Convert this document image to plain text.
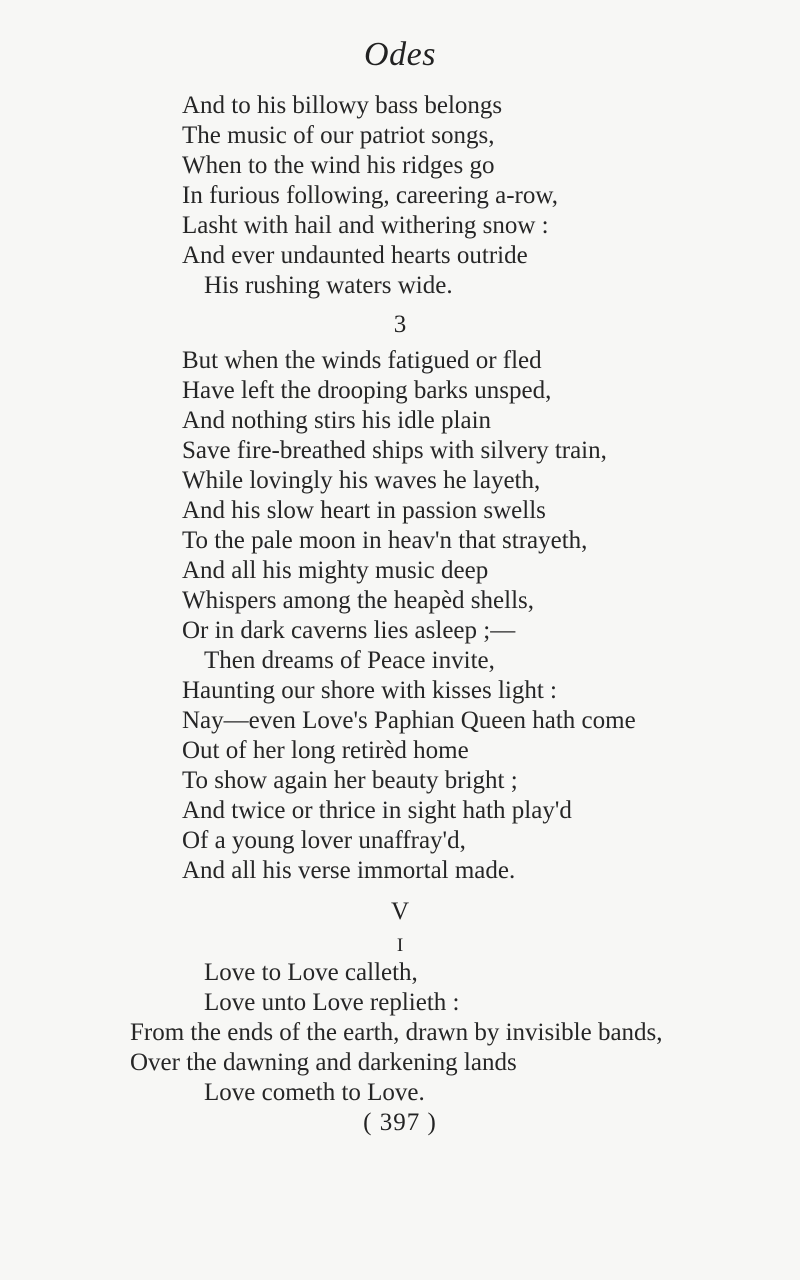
Odes
And to his billowy bass belongs
The music of our patriot songs,
When to the wind his ridges go
In furious following, careering a-row,
Lasht with hail and withering snow :
And ever undaunted hearts outride
His rushing waters wide.
3
But when the winds fatigued or fled
Have left the drooping barks unsped,
And nothing stirs his idle plain
Save fire-breathed ships with silvery train,
While lovingly his waves he layeth,
And his slow heart in passion swells
To the pale moon in heav'n that strayeth,
And all his mighty music deep
Whispers among the heapèd shells,
Or in dark caverns lies asleep ;—
Then dreams of Peace invite,
Haunting our shore with kisses light :
Nay—even Love's Paphian Queen hath come
Out of her long retirèd home
To show again her beauty bright ;
And twice or thrice in sight hath play'd
Of a young lover unaffray'd,
And all his verse immortal made.
V
I
Love to Love calleth,
Love unto Love replieth :
From the ends of the earth, drawn by invisible bands,
Over the dawning and darkening lands
Love cometh to Love.
( 397 )
